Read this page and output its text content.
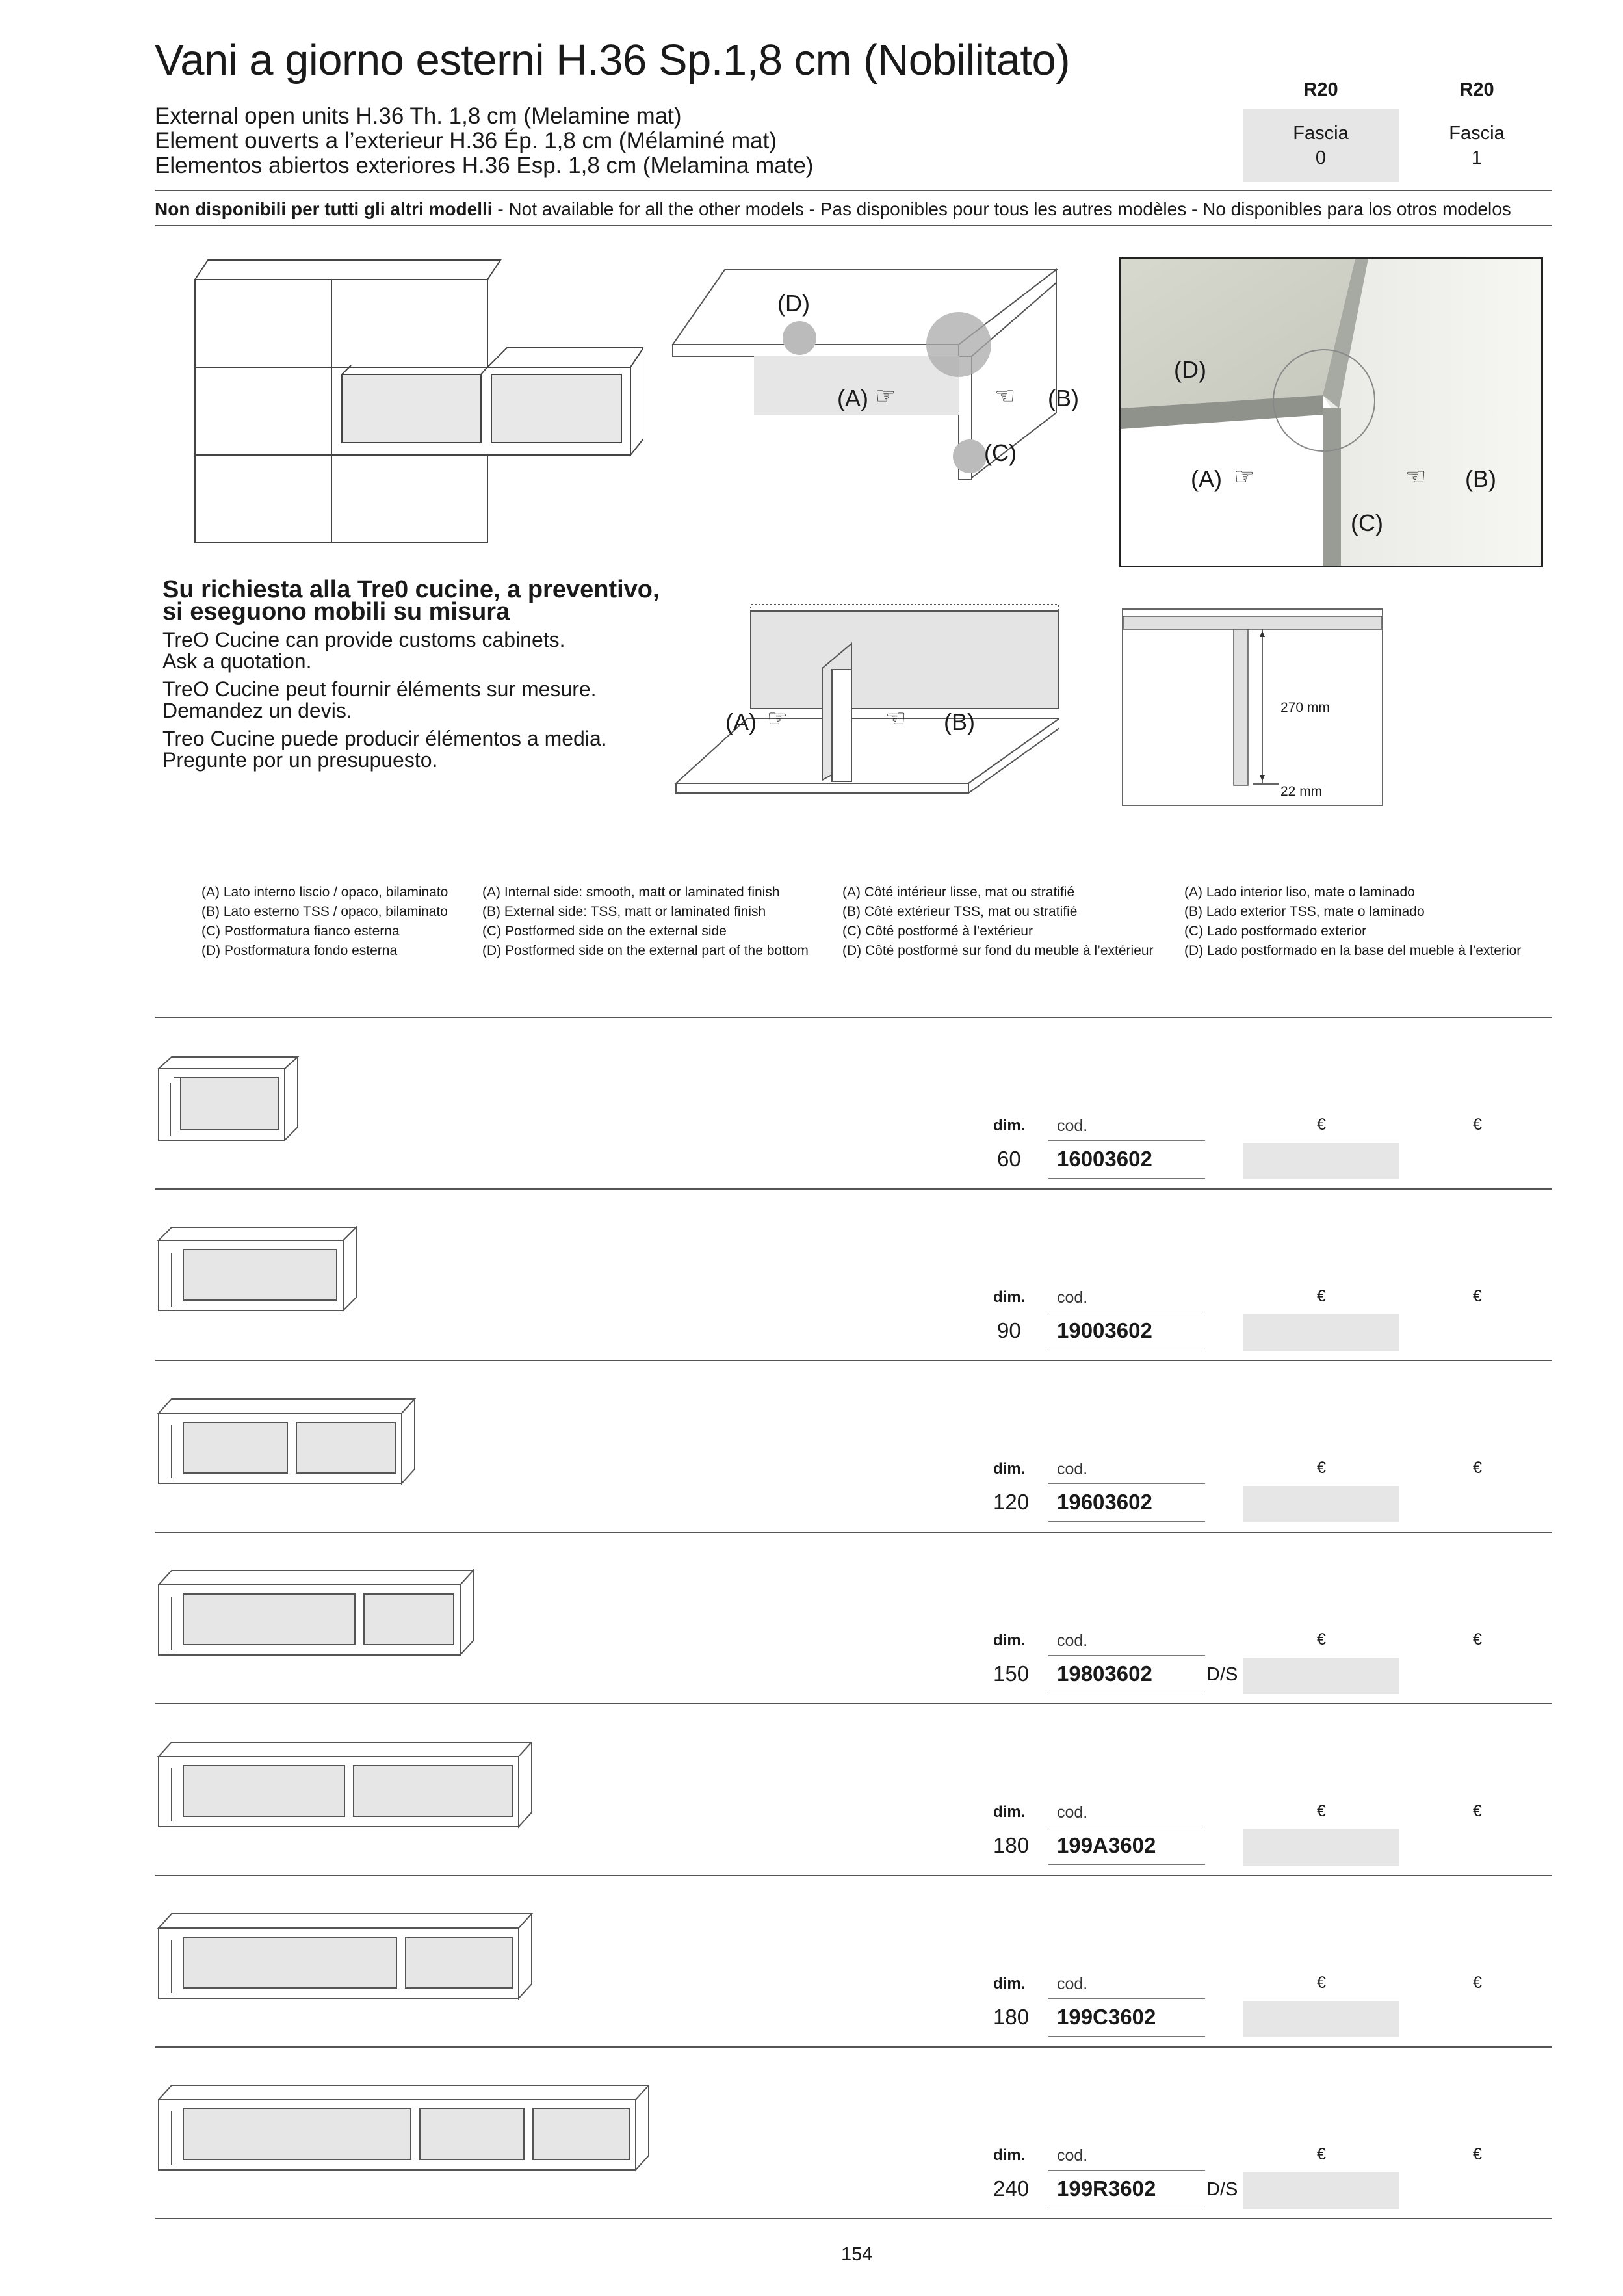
Vani a giorno esterni H.36 Sp.1,8 cm (Nobilitato)
External open units H.36 Th. 1,8 cm (Melamine mat)
Element ouverts a l’exterieur H.36 Ép. 1,8 cm (Mélaminé mat)
Elementos abiertos exteriores H.36 Esp. 1,8 cm (Melamina mate)
R20
Fascia
0
R20
Fascia
1
Non disponibili per tutti gli altri modelli - Not available for all the other models - Pas disponibles pour tous les autres modèles - No disponibles para los otros modelos
(D)
(A) ☞	☜ (B)
(C)
(D)
(A) ☞	☜ (B)
(C)
Su richiesta alla Tre0 cucine, a preventivo,
si eseguono mobili su misura
TreO Cucine can provide customs cabinets.
Ask a quotation.
TreO Cucine peut fournir éléments sur mesure.
Demandez un devis.
Treo Cucine puede producir élémentos a media.
Pregunte por un presupuesto.
(A) ☞	☜ (B)
270 mm
22 mm
(A) Lato interno liscio / opaco, bilaminato
(B) Lato esterno TSS / opaco, bilaminato
(C) Postformatura fianco esterna
(D) Postformatura fondo esterna
(A) Internal side: smooth, matt or laminated finish
(B) External side: TSS, matt or laminated finish
(C) Postformed side on the external side
(D) Postformed side on the external part of the bottom
(A) Côté intérieur lisse, mat ou stratifié
(B) Côté extérieur TSS, mat ou stratifié
(C) Côté postformé à l’extérieur
(D) Côté postformé sur fond du meuble à l’extérieur
(A) Lado interior liso, mate o laminado
(B) Lado exterior TSS, mate o laminado
(C) Lado postformado exterior
(D) Lado postformado en la base del mueble à l’exterior
dim. cod.	€	€
60 16003602
dim. cod.	€	€
90 19003602
dim. cod.	€	€
120 19603602
dim. cod.	€	€
150 19803602	D/S
dim. cod.	€	€
180 199A3602
dim. cod.	€	€
180 199C3602
dim. cod.	€	€
240 199R3602	D/S
154
